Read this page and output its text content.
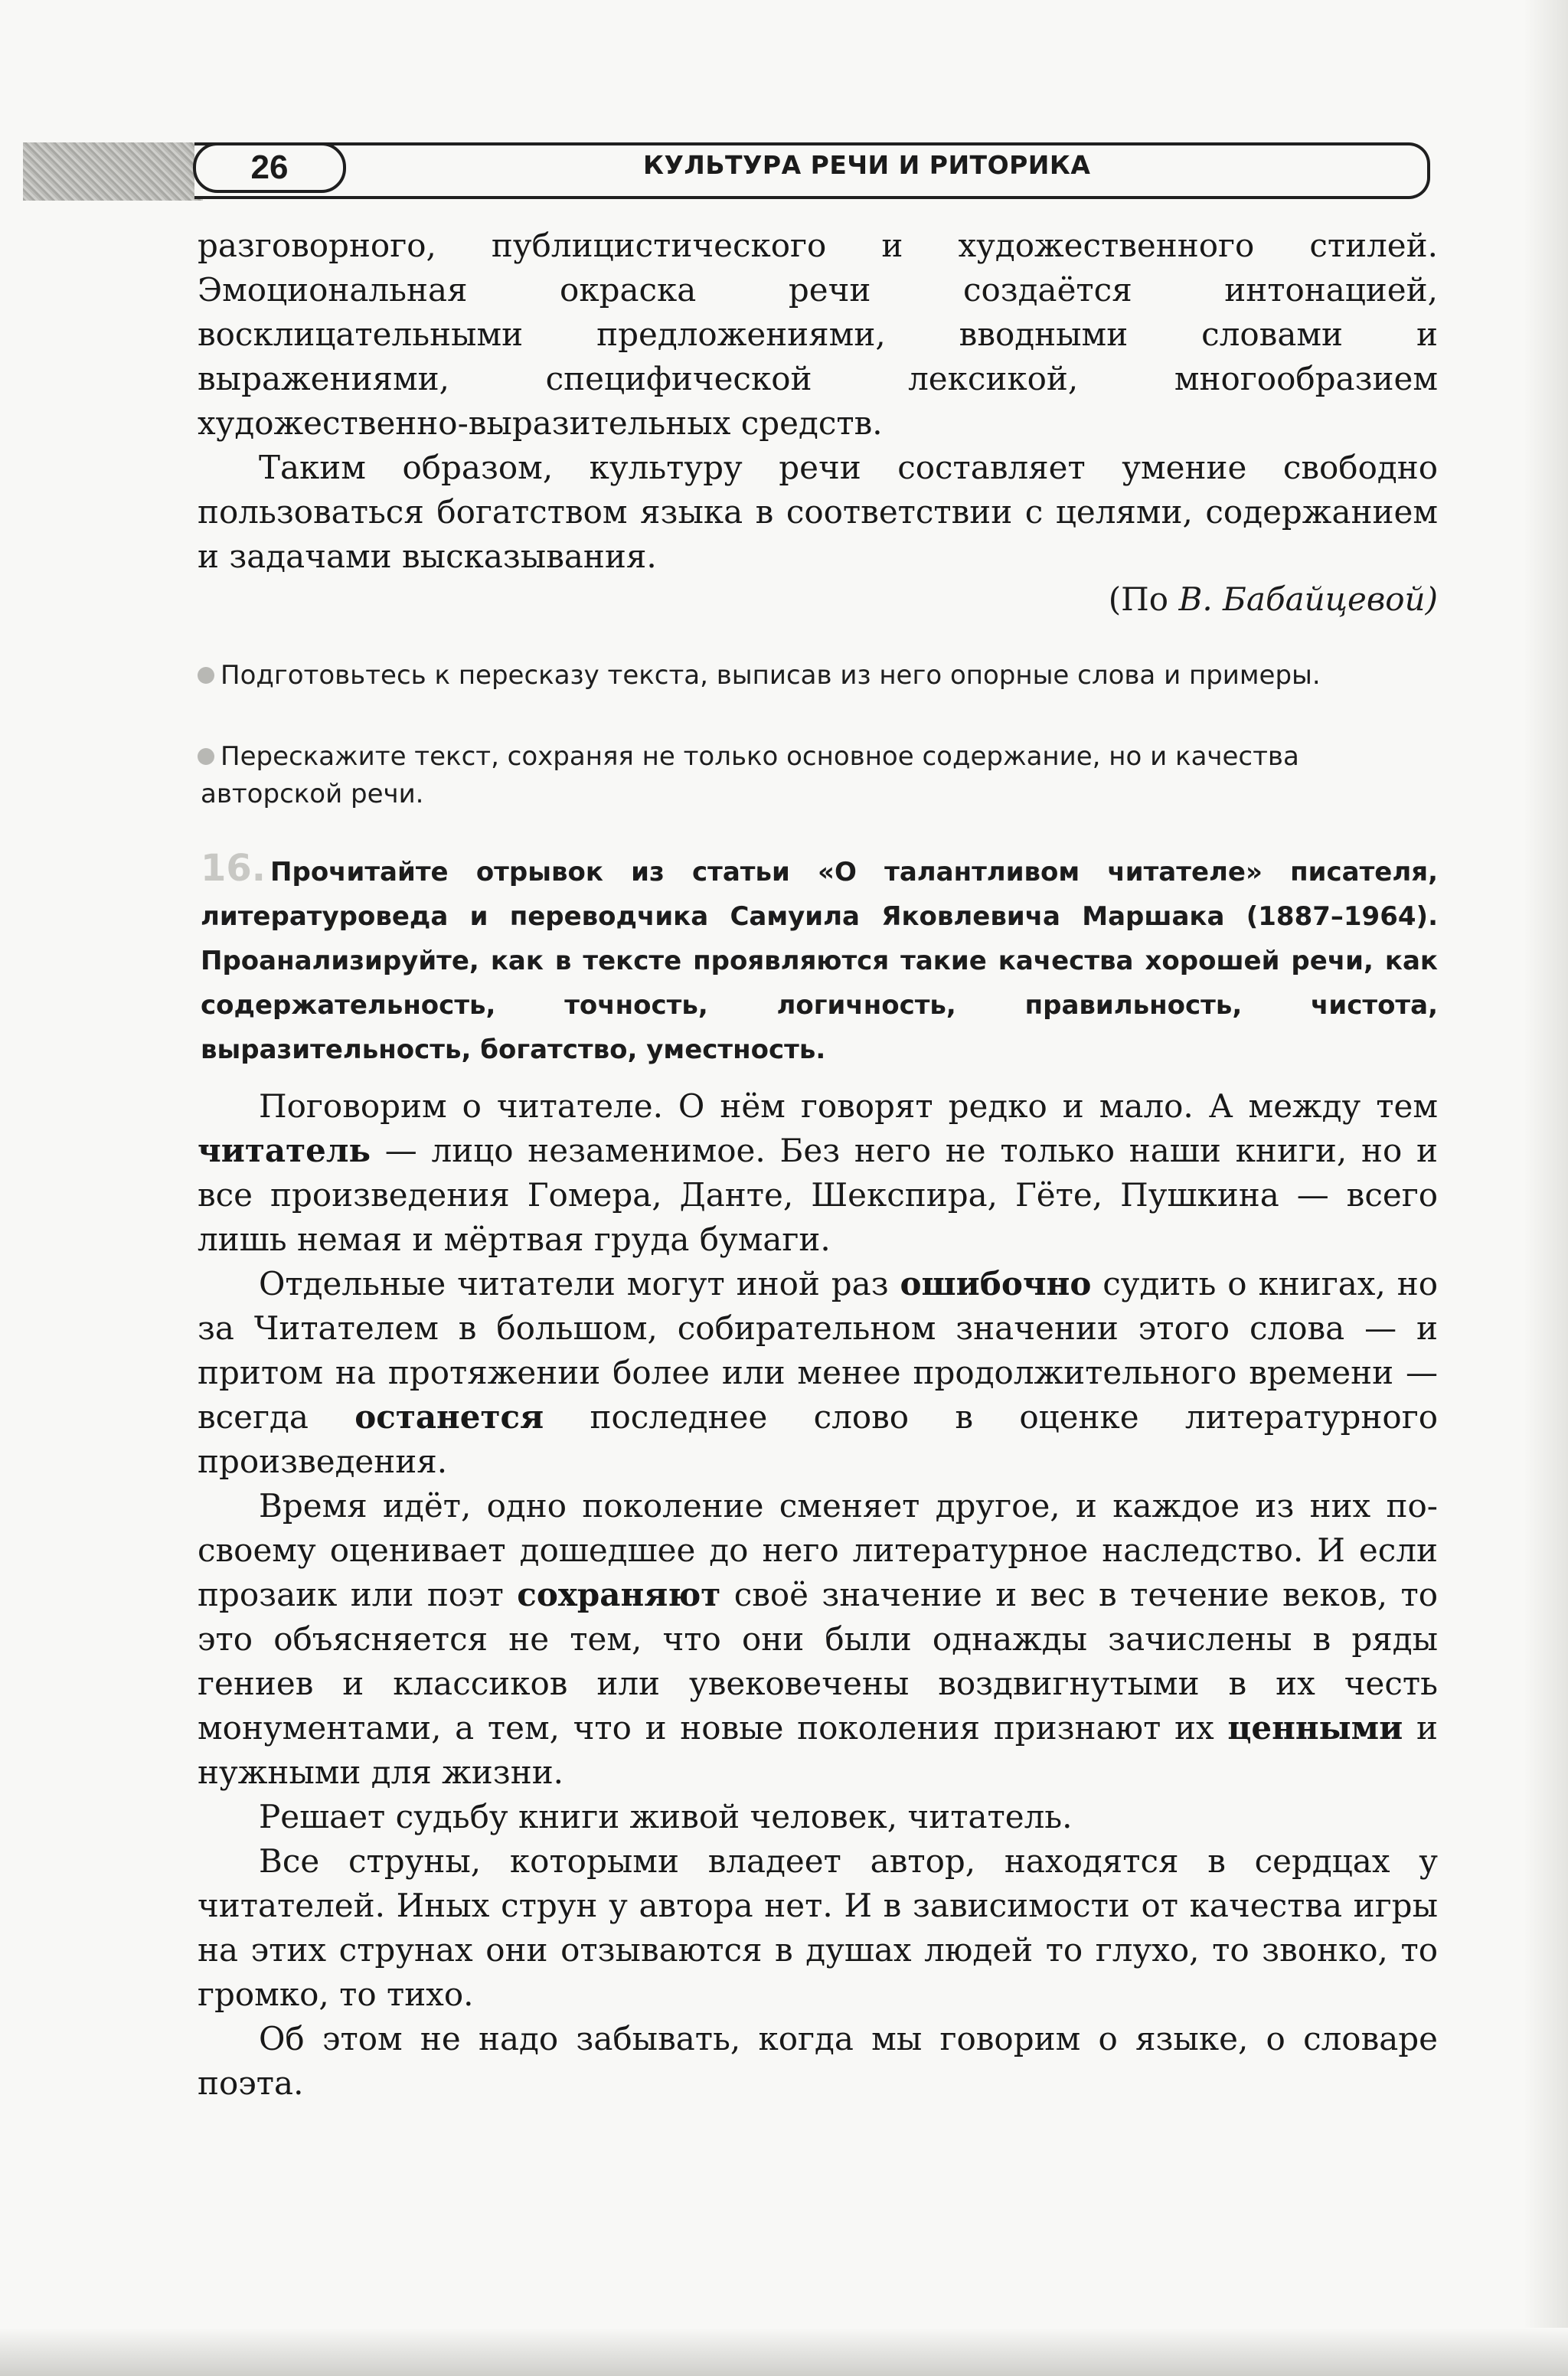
26	КУЛЬТУРА РЕЧИ И РИТОРИКА

разговорного, публицистического и художественного стилей. Эмоциональная окраска речи создаётся интонацией, восклицательными предложениями, вводными словами и выражениями, специфической лексикой, многообразием художественно-выразительных средств.

Таким образом, культуру речи составляет умение свободно пользоваться богатством языка в соответствии с целями, содержанием и задачами высказывания.

(По В. Бабайцевой)
Подготовьтесь к пересказу текста, выписав из него опорные слова и примеры.
Перескажите текст, сохраняя не только основное содержание, но и качества авторской речи.
16. Прочитайте отрывок из статьи «О талантливом читателе» писателя, литературоведа и переводчика Самуила Яковлевича Маршака (1887–1964). Проанализируйте, как в тексте проявляются такие качества хорошей речи, как содержательность, точность, логичность, правильность, чистота, выразительность, богатство, уместность.

Поговорим о читателе. О нём говорят редко и мало. А между тем читатель — лицо незаменимое. Без него не только наши книги, но и все произведения Гомера, Данте, Шекспира, Гёте, Пушкина — всего лишь немая и мёртвая груда бумаги.

Отдельные читатели могут иной раз ошибочно судить о книгах, но за Читателем в большом, собирательном значении этого слова — и притом на протяжении более или менее продолжительного времени — всегда останется последнее слово в оценке литературного произведения.

Время идёт, одно поколение сменяет другое, и каждое из них по-своему оценивает дошедшее до него литературное наследство. И если прозаик или поэт сохраняют своё значение и вес в течение веков, то это объясняется не тем, что они были однажды зачислены в ряды гениев и классиков или увековечены воздвигнутыми в их честь монументами, а тем, что и новые поколения признают их ценными и нужными для жизни.

Решает судьбу книги живой человек, читатель.

Все струны, которыми владеет автор, находятся в сердцах у читателей. Иных струн у автора нет. И в зависимости от качества игры на этих струнах они отзываются в душах людей то глухо, то звонко, то громко, то тихо.

Об этом не надо забывать, когда мы говорим о языке, о словаре поэта.
